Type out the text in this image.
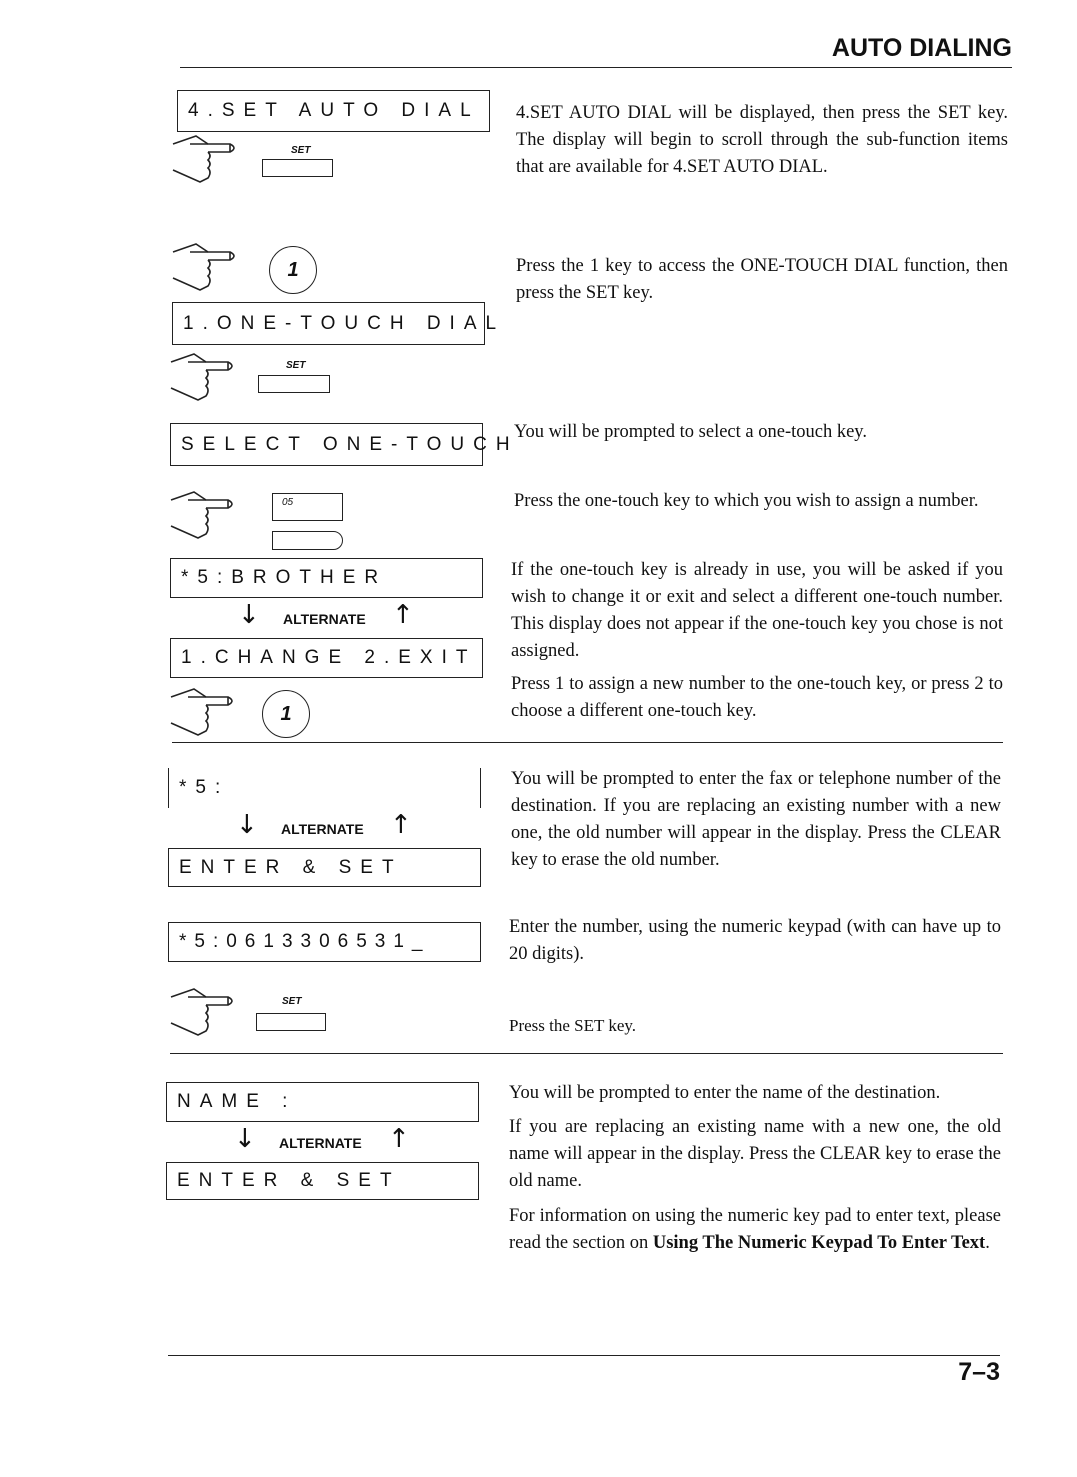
AUTO DIALING
4.SET AUTO DIAL
SET
4.SET AUTO DIAL will be displayed, then press the SET key. The display will begin to scroll through the sub-function items that are available for 4.SET AUTO DIAL.
1	Press the 1 key to access the ONE-TOUCH DIAL function, then press the SET key.
1.ONE-TOUCH DIAL
SET
SELECT ONE-TOUCH
You will be prompted to select a one-touch key.
05	Press the one-touch key to which you wish to assign a number.
*5:BROTHER
↓ ALTERNATE ↑
1.CHANGE 2.EXIT
1
If the one-touch key is already in use, you will be asked if you wish to change it or exit and select a different one-touch number. This display does not appear if the one-touch key you chose is not assigned.
Press 1 to assign a new number to the one-touch key, or press 2 to choose a different one-touch key.
*5:
↓ ALTERNATE ↑
ENTER & SET
You will be prompted to enter the fax or telephone number of the destination. If you are replacing an existing number with a new one, the old number will appear in the display. Press the CLEAR key to erase the old number.
*5:0613306531_
Enter the number, using the numeric keypad (with can have up to 20 digits).
SET
Press the SET key.
NAME :
↓ ALTERNATE ↑
ENTER & SET
You will be prompted to enter the name of the destination.
If you are replacing an existing name with a new one, the old name will appear in the display. Press the CLEAR key to erase the old name.
For information on using the numeric key pad to enter text, please read the section on Using The Numeric Keypad To Enter Text.
7–3
